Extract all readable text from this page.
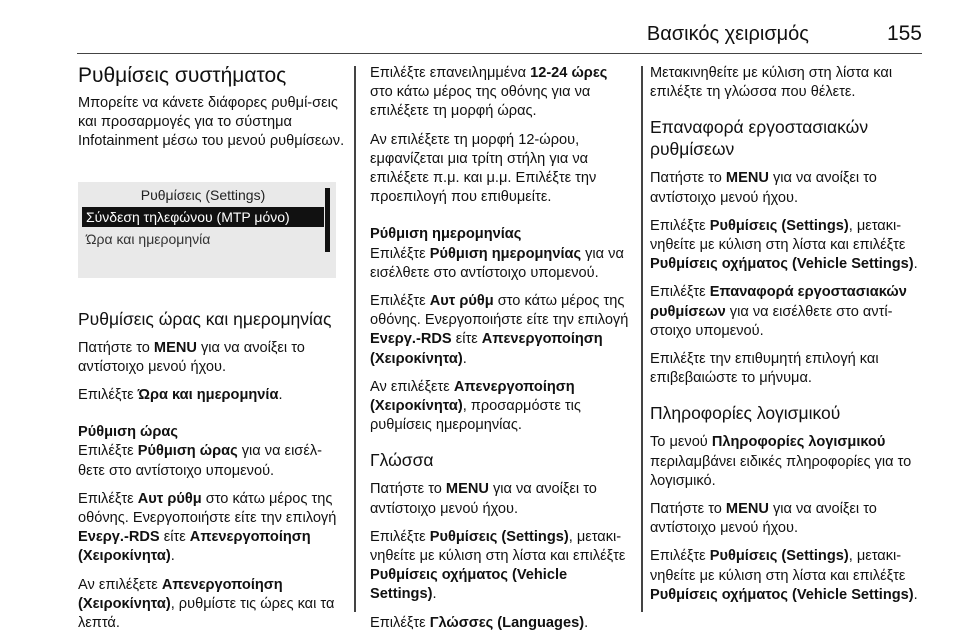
Βασικός χειρισμός	155
Ρυθμίσεις συστήματος

Μπορείτε να κάνετε διάφορες ρυθμί-σεις και προσαρμογές για το σύστημα Infotainment μέσω του μενού ρυθμίσεων.

Ρυθμίσεις (Settings)
Σύνδεση τηλεφώνου (MTP μόνο)
Ώρα και ημερομηνία
Ρυθμίσεις ώρας και ημερομηνίας

Πατήστε το MENU για να ανοίξει το αντίστοιχο μενού ήχου.

Επιλέξτε Ώρα και ημερομηνία.

Ρύθμιση ώρας

Επιλέξτε Ρύθμιση ώρας για να εισέλ-θετε στο αντίστοιχο υπομενού.

Επιλέξτε Αυτ ρύθμ στο κάτω μέρος της οθόνης. Ενεργοποιήστε είτε την επιλογή Ενεργ.-RDS είτε Απενεργοποίηση (Χειροκίνητα).

Αν επιλέξετε Απενεργοποίηση (Χειροκίνητα), ρυθμίστε τις ώρες και τα λεπτά.

Επιλέξτε επανειλημμένα 12-24 ώρες στο κάτω μέρος της οθόνης για να επιλέξετε τη μορφή ώρας.

Αν επιλέξετε τη μορφή 12-ώρου, εμφανίζεται μια τρίτη στήλη για να επιλέξετε π.μ. και μ.μ. Επιλέξτε την προεπιλογή που επιθυμείτε.

Ρύθμιση ημερομηνίας

Επιλέξτε Ρύθμιση ημερομηνίας για να εισέλθετε στο αντίστοιχο υπομενού.

Επιλέξτε Αυτ ρύθμ στο κάτω μέρος της οθόνης. Ενεργοποιήστε είτε την επιλογή Ενεργ.-RDS είτε Απενεργοποίηση (Χειροκίνητα).

Αν επιλέξετε Απενεργοποίηση (Χειροκίνητα), προσαρμόστε τις ρυθμίσεις ημερομηνίας.

Γλώσσα

Πατήστε το MENU για να ανοίξει το αντίστοιχο μενού ήχου.

Επιλέξτε Ρυθμίσεις (Settings), μετακι-νηθείτε με κύλιση στη λίστα και επιλέξτε Ρυθμίσεις οχήματος (Vehicle Settings).

Επιλέξτε Γλώσσες (Languages).

Μετακινηθείτε με κύλιση στη λίστα και επιλέξτε τη γλώσσα που θέλετε.

Επαναφορά εργοστασιακών ρυθμίσεων

Πατήστε το MENU για να ανοίξει το αντίστοιχο μενού ήχου.

Επιλέξτε Ρυθμίσεις (Settings), μετακι-νηθείτε με κύλιση στη λίστα και επιλέξτε Ρυθμίσεις οχήματος (Vehicle Settings).

Επιλέξτε Επαναφορά εργοστασιακών ρυθμίσεων για να εισέλθετε στο αντί-στοιχο υπομενού.

Επιλέξτε την επιθυμητή επιλογή και επιβεβαιώστε το μήνυμα.

Πληροφορίες λογισμικού

Το μενού Πληροφορίες λογισμικού περιλαμβάνει ειδικές πληροφορίες για το λογισμικό.

Πατήστε το MENU για να ανοίξει το αντίστοιχο μενού ήχου.

Επιλέξτε Ρυθμίσεις (Settings), μετακι-νηθείτε με κύλιση στη λίστα και επιλέξτε Ρυθμίσεις οχήματος (Vehicle Settings).
